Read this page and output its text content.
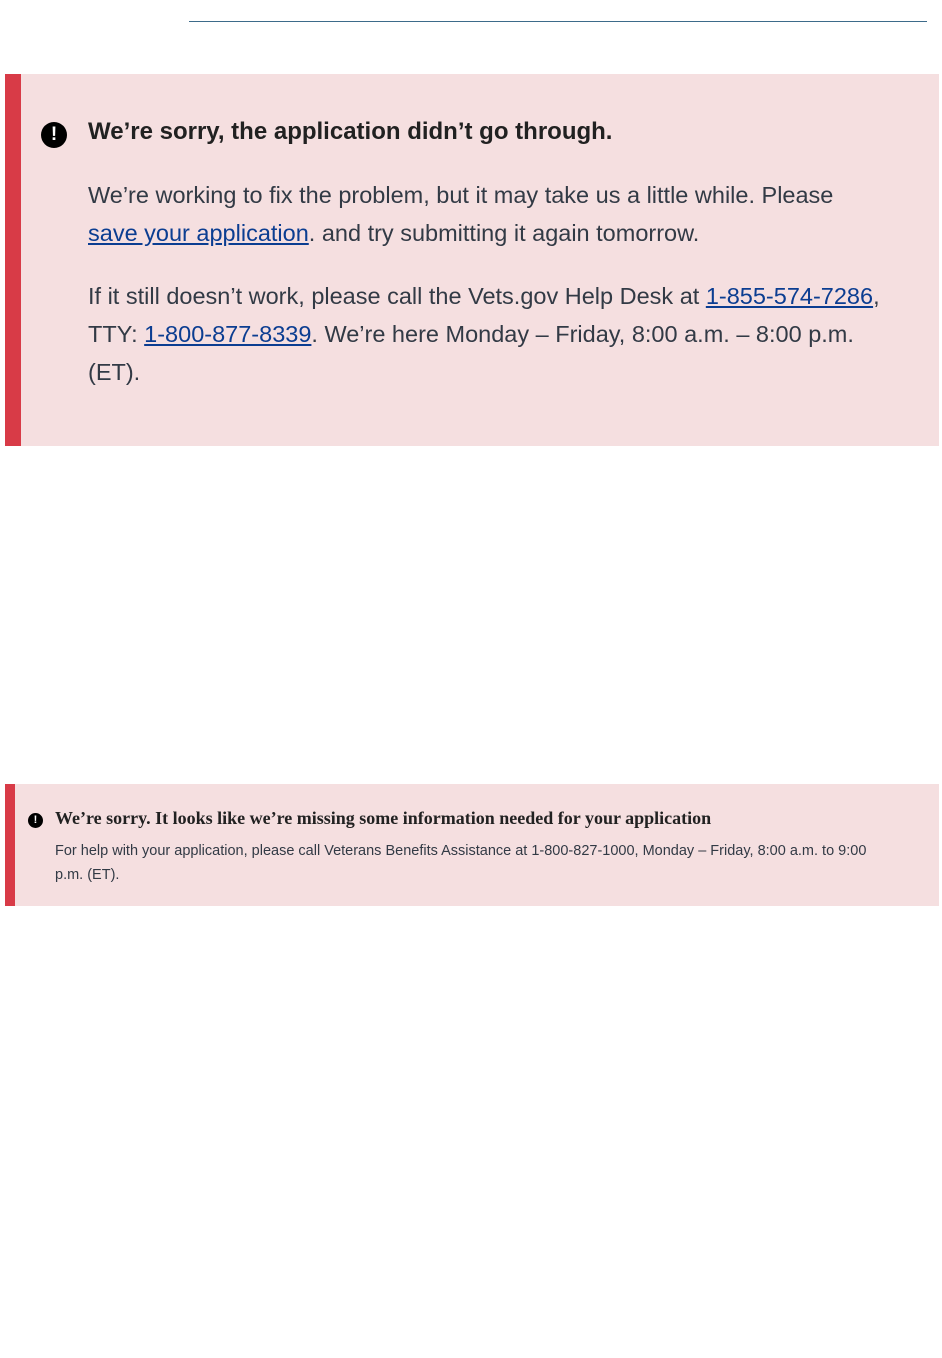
!	We’re sorry, the application didn’t go through.

We’re working to fix the problem, but it may take us a little while. Please save your application. and try submitting it again tomorrow.

If it still doesn’t work, please call the Vets.gov Help Desk at 1-855-574-7286,
TTY: 1-800-877-8339. We’re here Monday – Friday, 8:00 a.m. – 8:00 p.m. (ET).

! We’re sorry. It looks like we’re missing some information needed for your application

For help with your application, please call Veterans Benefits Assistance at 1-800-827-1000, Monday – Friday, 8:00 a.m. to 9:00 p.m. (ET).
